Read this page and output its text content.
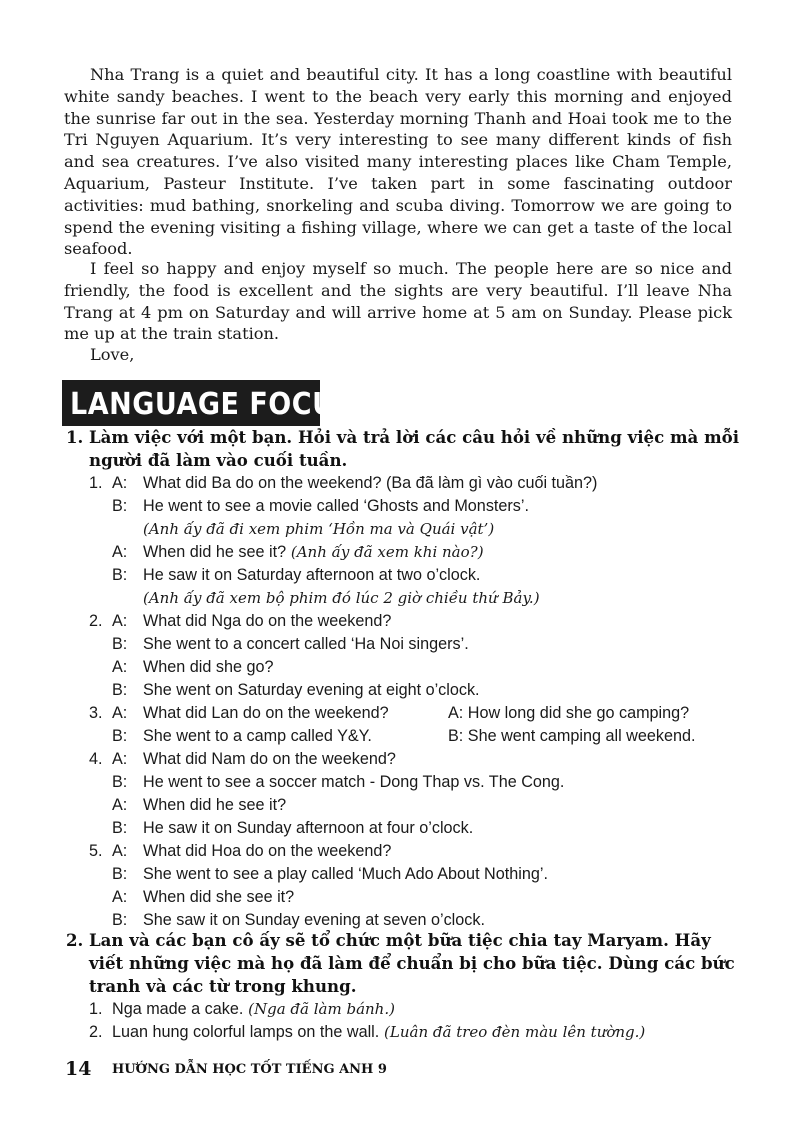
Nha Trang is a quiet and beautiful city. It has a long coastline with beautiful white sandy beaches. I went to the beach very early this morning and enjoyed the sunrise far out in the sea. Yesterday morning Thanh and Hoai took me to the Tri Nguyen Aquarium. It’s very interesting to see many different kinds of fish and sea creatures. I’ve also visited many interesting places like Cham Temple, Aquarium, Pasteur Institute. I’ve taken part in some fascinating outdoor activities: mud bathing, snorkeling and scuba diving. Tomorrow we are going to spend the evening visiting a fishing village, where we can get a taste of the local seafood.

I feel so happy and enjoy myself so much. The people here are so nice and friendly, the food is excellent and the sights are very beautiful. I’ll leave Nha Trang at 4 pm on Saturday and will arrive home at 5 am on Sunday. Please pick me up at the train station.

Love,

LANGUAGE FOCUS
1. Làm việc với một bạn. Hỏi và trả lời các câu hỏi về những việc mà mỗi người đã làm vào cuối tuần.
1. A: What did Ba do on the weekend? (Ba đã làm gì vào cuối tuần?)
B: He went to see a movie called ‘Ghosts and Monsters’.
(Anh ấy đã đi xem phim ‘Hồn ma và Quái vật’)
A: When did he see it? (Anh ấy đã xem khi nào?)
B: He saw it on Saturday afternoon at two o’clock.
(Anh ấy đã xem bộ phim đó lúc 2 giờ chiều thứ Bảy.)
2. A: What did Nga do on the weekend?
B: She went to a concert called ‘Ha Noi singers’.
A: When did she go?
B: She went on Saturday evening at eight o’clock.
3. A: What did Lan do on the weekend?	A: How long did she go camping?
B: She went to a camp called Y&Y.	B: She went camping all weekend.
4. A: What did Nam do on the weekend?
B: He went to see a soccer match - Dong Thap vs. The Cong.
A: When did he see it?
B: He saw it on Sunday afternoon at four o’clock.
5. A: What did Hoa do on the weekend?
B: She went to see a play called ‘Much Ado About Nothing’.
A: When did she see it?
B: She saw it on Sunday evening at seven o’clock.
2. Lan và các bạn cô ấy sẽ tổ chức một bữa tiệc chia tay Maryam. Hãy viết những việc mà họ đã làm để chuẩn bị cho bữa tiệc. Dùng các bức tranh và các từ trong khung.
1. Nga made a cake. (Nga đã làm bánh.)
2. Luan hung colorful lamps on the wall. (Luân đã treo đèn màu lên tường.)
14 HƯỚNG DẪN HỌC TỐT TIẾNG ANH 9
